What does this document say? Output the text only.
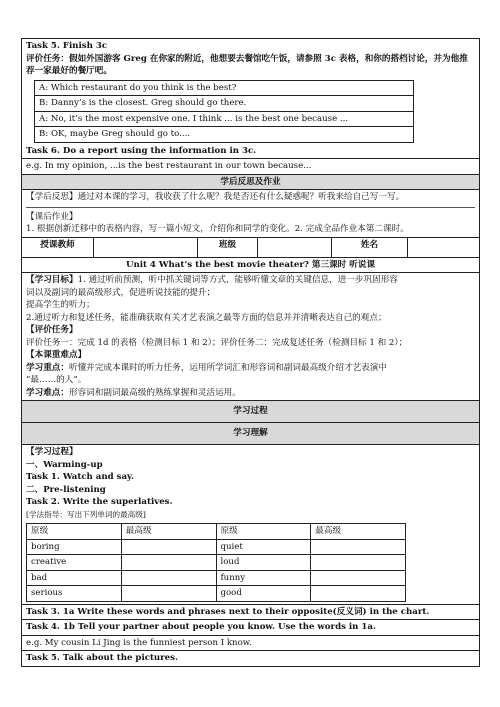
Task 5. Finish 3c
评价任务：假如外国游客 Greg 在你家的附近，他想要去餐馆吃午饭，请参照 3c 表格，和你的搭档讨论，并为他推
荐一家最好的餐厅吧。
A: Which restaurant do you think is the best?
B: Danny’s is the closest. Greg should go there.
A: No, it’s the most expensive one. I think ... is the best one because ...
B: OK, maybe Greg should go to....
Task 6. Do a report using the information in 3c.

e.g. In my opinion, ...is the best restaurant in our town because...
学后反思及作业

【学后反思】通过对本课的学习，我收获了什么呢？我是否还有什么疑惑呢？听我来给自己写一写。
【课后作业】
1. 根据创新迁移中的表格内容，写一篇小短文，介绍你和同学的变化。2. 完成全品作业本第二课时。

授课教师		班级		姓名	
Unit 4 What’s the best movie theater? 第三课时 听说课

【学习目标】1. 通过听前预测，听中抓关键词等方式，能够听懂文章的关键信息，进一步巩固形容
词以及副词的最高级形式，促进听说技能的提升；
提高学生的听力；
2.通过听力和复述任务，能准确获取有关才艺表演之最等方面的信息并并清晰表达自己的观点；
【评价任务】
评价任务一：完成 1d 的表格（检测目标 1 和 2）；评价任务二：完成复述任务（检测目标 1 和 2）；
【本课重难点】
学习重点：听懂并完成本课时的听力任务，运用所学词汇和形容词和副词最高级介绍才艺表演中
“最……的人”。
学习难点：形容词和副词最高级的熟练掌握和灵活运用。

学习过程
学习理解

【学习过程】
一、Warming-up
Task 1. Watch and say.
二、Pre-listening
Task 2. Write the superlatives.
[学法指导：写出下列单词的最高级]
原级	最高级	原级	最高级
boring		quiet	
creative		loud	
bad		funny	
serious		good	

Task 3. 1a Write these words and phrases next to their opposite(反义词) in the chart.
Task 4. 1b Tell your partner about people you know. Use the words in 1a.
e.g. My cousin Li Jing is the funniest person I know.
Task 5. Talk about the pictures.
